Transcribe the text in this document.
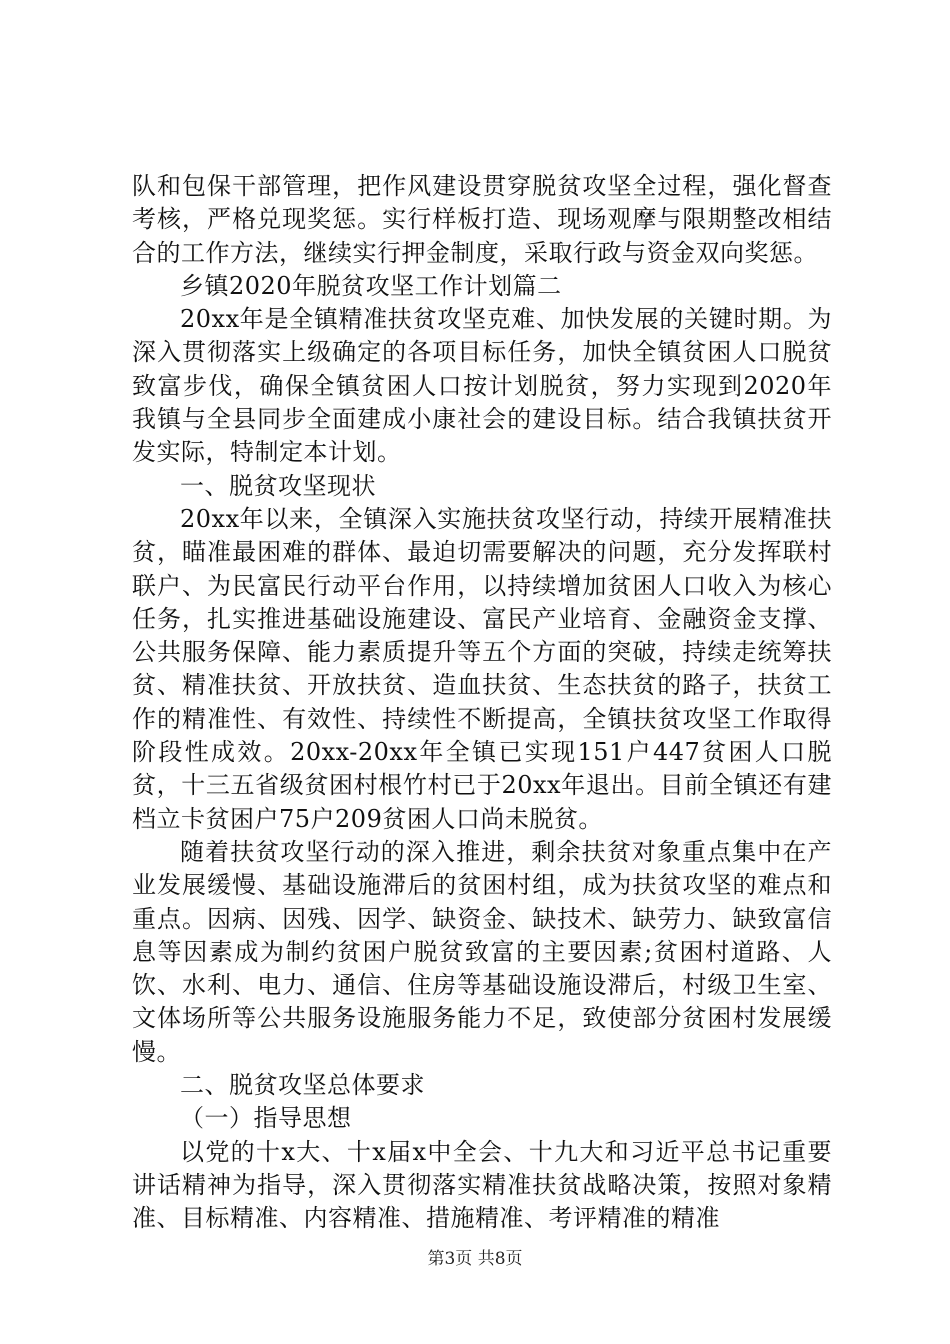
队和包保干部管理，把作风建设贯穿脱贫攻坚全过程，强化督查考核，严格兑现奖惩。实行样板打造、现场观摩与限期整改相结合的工作方法，继续实行押金制度，采取行政与资金双向奖惩。

乡镇2020年脱贫攻坚工作计划篇二

20xx年是全镇精准扶贫攻坚克难、加快发展的关键时期。为深入贯彻落实上级确定的各项目标任务，加快全镇贫困人口脱贫致富步伐，确保全镇贫困人口按计划脱贫，努力实现到2020年我镇与全县同步全面建成小康社会的建设目标。结合我镇扶贫开发实际，特制定本计划。

一、脱贫攻坚现状

20xx年以来，全镇深入实施扶贫攻坚行动，持续开展精准扶贫，瞄准最困难的群体、最迫切需要解决的问题，充分发挥联村联户、为民富民行动平台作用，以持续增加贫困人口收入为核心任务，扎实推进基础设施建设、富民产业培育、金融资金支撑、公共服务保障、能力素质提升等五个方面的突破，持续走统筹扶贫、精准扶贫、开放扶贫、造血扶贫、生态扶贫的路子，扶贫工作的精准性、有效性、持续性不断提高，全镇扶贫攻坚工作取得阶段性成效。20xx-20xx年全镇已实现151户447贫困人口脱贫，十三五省级贫困村根竹村已于20xx年退出。目前全镇还有建档立卡贫困户75户209贫困人口尚未脱贫。

随着扶贫攻坚行动的深入推进，剩余扶贫对象重点集中在产业发展缓慢、基础设施滞后的贫困村组，成为扶贫攻坚的难点和重点。因病、因残、因学、缺资金、缺技术、缺劳力、缺致富信息等因素成为制约贫困户脱贫致富的主要因素;贫困村道路、人饮、水利、电力、通信、住房等基础设施设滞后，村级卫生室、文体场所等公共服务设施服务能力不足，致使部分贫困村发展缓慢。

二、脱贫攻坚总体要求

（一）指导思想

以党的十x大、十x届x中全会、十九大和习近平总书记重要讲话精神为指导，深入贯彻落实精准扶贫战略决策，按照对象精准、目标精准、内容精准、措施精准、考评精准的精准

第3页 共8页
